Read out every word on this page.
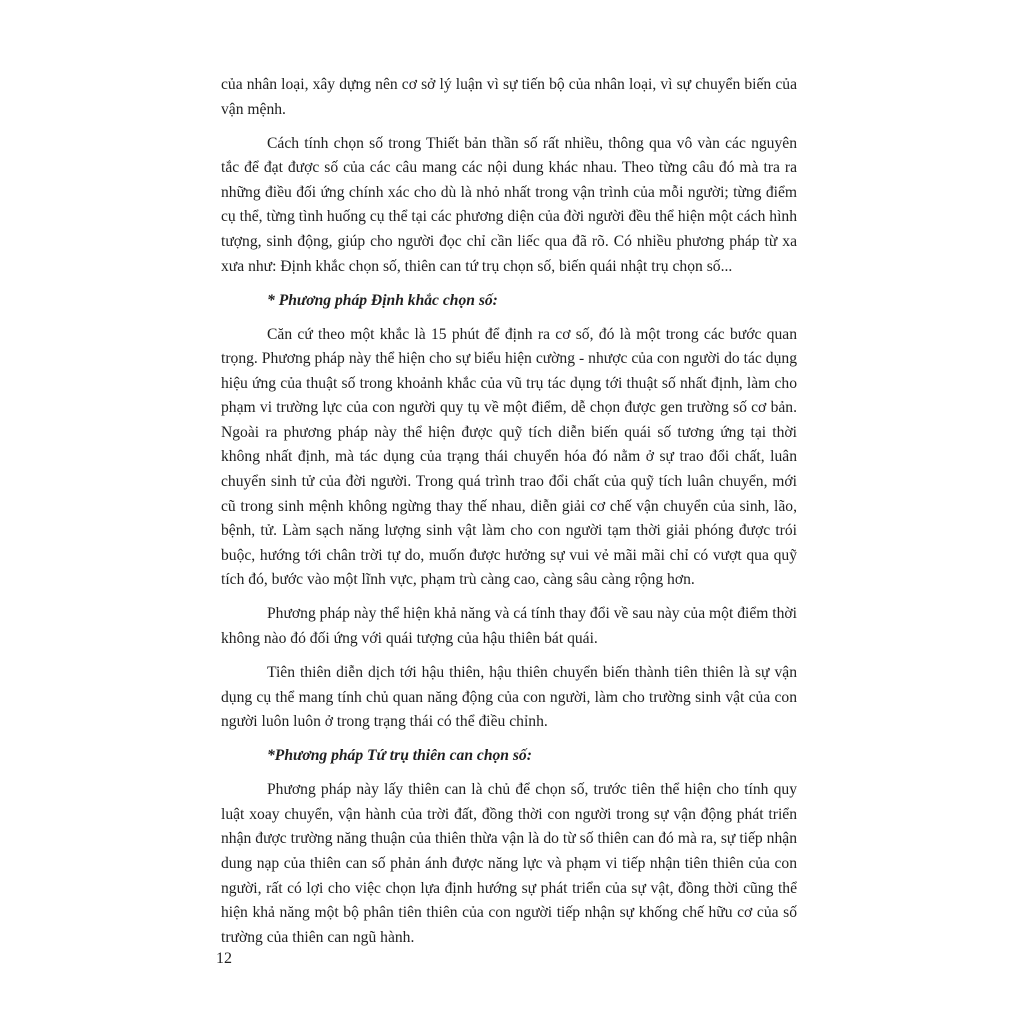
của nhân loại, xây dựng nên cơ sở lý luận vì sự tiến bộ của nhân loại, vì sự chuyển biến của vận mệnh.

Cách tính chọn số trong Thiết bản thần số rất nhiều, thông qua vô vàn các nguyên tắc để đạt được số của các câu mang các nội dung khác nhau. Theo từng câu đó mà tra ra những điều đối ứng chính xác cho dù là nhỏ nhất trong vận trình của mỗi người; từng điểm cụ thể, từng tình huống cụ thể tại các phương diện của đời người đều thể hiện một cách hình tượng, sinh động, giúp cho người đọc chỉ cần liếc qua đã rõ. Có nhiều phương pháp từ xa xưa như: Định khắc chọn số, thiên can tứ trụ chọn số, biến quái nhật trụ chọn số...

* Phương pháp Định khắc chọn số:

Căn cứ theo một khắc là 15 phút để định ra cơ số, đó là một trong các bước quan trọng. Phương pháp này thể hiện cho sự biểu hiện cường - nhược của con người do tác dụng hiệu ứng của thuật số trong khoảnh khắc của vũ trụ tác dụng tới thuật số nhất định, làm cho phạm vi trường lực của con người quy tụ về một điểm, dễ chọn được gen trường số cơ bản. Ngoài ra phương pháp này thể hiện được quỹ tích diễn biến quái số tương ứng tại thời không nhất định, mà tác dụng của trạng thái chuyển hóa đó nằm ở sự trao đổi chất, luân chuyển sinh tử của đời người. Trong quá trình trao đổi chất của quỹ tích luân chuyển, mới cũ trong sinh mệnh không ngừng thay thế nhau, diễn giải cơ chế vận chuyển của sinh, lão, bệnh, tử. Làm sạch năng lượng sinh vật làm cho con người tạm thời giải phóng được trói buộc, hướng tới chân trời tự do, muốn được hưởng sự vui vẻ mãi mãi chỉ có vượt qua quỹ tích đó, bước vào một lĩnh vực, phạm trù càng cao, càng sâu càng rộng hơn.

Phương pháp này thể hiện khả năng và cá tính thay đổi về sau này của một điểm thời không nào đó đối ứng với quái tượng của hậu thiên bát quái.

Tiên thiên diễn dịch tới hậu thiên, hậu thiên chuyển biến thành tiên thiên là sự vận dụng cụ thể mang tính chủ quan năng động của con người, làm cho trường sinh vật của con người luôn luôn ở trong trạng thái có thể điều chỉnh.

*Phương pháp Tứ trụ thiên can chọn số:

Phương pháp này lấy thiên can là chủ để chọn số, trước tiên thể hiện cho tính quy luật xoay chuyển, vận hành của trời đất, đồng thời con người trong sự vận động phát triển nhận được trường năng thuận của thiên thừa vận là do từ số thiên can đó mà ra, sự tiếp nhận dung nạp của thiên can số phản ánh được năng lực và phạm vi tiếp nhận tiên thiên của con người, rất có lợi cho việc chọn lựa định hướng sự phát triển của sự vật, đồng thời cũng thể hiện khả năng một bộ phân tiên thiên của con người tiếp nhận sự khống chế hữu cơ của số trường của thiên can ngũ hành.

12
